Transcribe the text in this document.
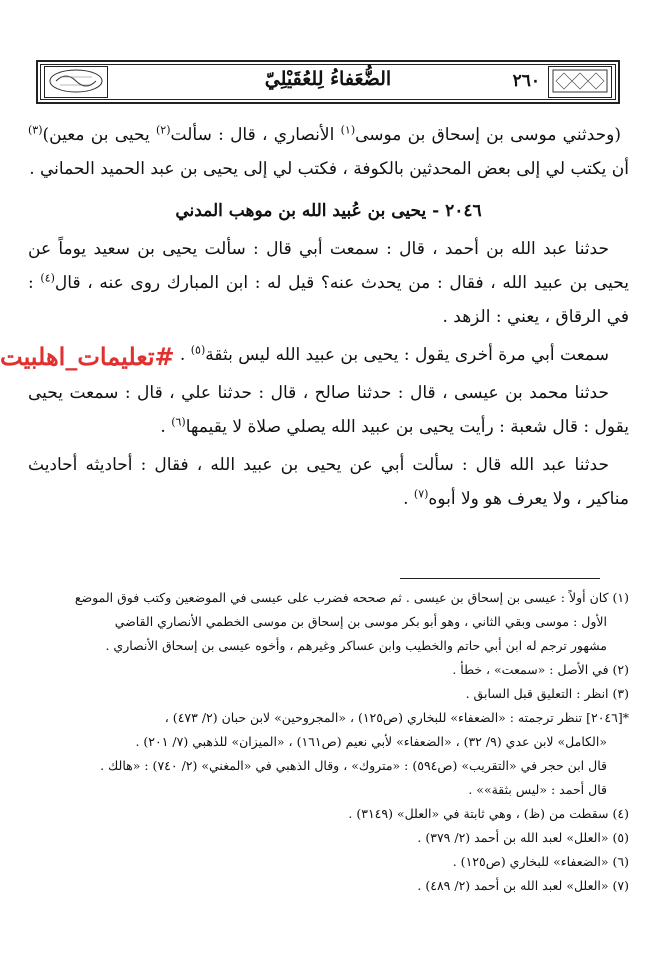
٢٦٠
الضُّعَفاءُ لِلعُقَيْلِيّ

(وحدثني موسى بن إسحاق بن موسى$^{(١)}$ الأنصاري ، قال : سألت$^{(٢)}$ يحيى بن معين)$^{(٣)}$ أن يكتب لي إلى بعض المحدثين بالكوفة ، فكتب لي إلى يحيى بن عبد الحميد الحماني .

٢٠٤٦ - يحيى بن عُبيد الله بن موهب المدني

حدثنا عبد الله بن أحمد ، قال : سمعت أبي قال : سألت يحيى بن سعيد يوماً عن يحيى بن عبيد الله ، فقال : من يحدث عنه؟ قيل له : ابن المبارك روى عنه ، قال$^{(٤)}$ : في الرقاق ، يعني : الزهد .

سمعت أبي مرة أخرى يقول : يحيى بن عبيد الله ليس بثقة$^{(٥)}$ .

حدثنا محمد بن عيسى ، قال : حدثنا صالح ، قال : حدثنا علي ، قال : سمعت يحيى يقول : قال شعبة : رأيت يحيى بن عبيد الله يصلي صلاة لا يقيمها$^{(٦)}$ .

حدثنا عبد الله قال : سألت أبي عن يحيى بن عبيد الله ، فقال : أحاديثه أحاديث مناكير ، ولا يعرف هو ولا أبوه$^{(٧)}$ .

#تعليمات_اهلبيت

(١) كان أولاً : عيسى بن إسحاق بن عيسى . ثم صححه فضرب على عيسى في الموضعين وكتب فوق الموضع

الأول : موسى وبقي الثاني ، وهو أبو بكر موسى بن إسحاق بن موسى الخطمي الأنصاري القاضي

مشهور ترجم له ابن أبي حاتم والخطيب وابن عساكر وغيرهم ، وأخوه عيسى بن إسحاق الأنصاري .

(٢) في الأصل : «سمعت» ، خطأ .

(٣) انظر : التعليق قبل السابق .

*[٢٠٤٦] تنظر ترجمته : «الضعفاء» للبخاري (ص١٢٥) ، «المجروحين» لابن حبان (٢/ ٤٧٣) ،

«الكامل» لابن عدي (٩/ ٣٢) ، «الضعفاء» لأبي نعيم (ص١٦١) ، «الميزان» للذهبي (٧/ ٢٠١) .

قال ابن حجر في «التقريب» (ص٥٩٤) : «متروك» ، وقال الذهبي في «المغني» (٢/ ٧٤٠) : «هالك .

قال أحمد : «ليس بثقة»» .

(٤) سقطت من (ظ) ، وهي ثابتة في «العلل» (٣١٤٩) .

(٥) «العلل» لعبد الله بن أحمد (٢/ ٣٧٩) .

(٦) «الضعفاء» للبخاري (ص١٢٥) .

(٧) «العلل» لعبد الله بن أحمد (٢/ ٤٨٩) .
